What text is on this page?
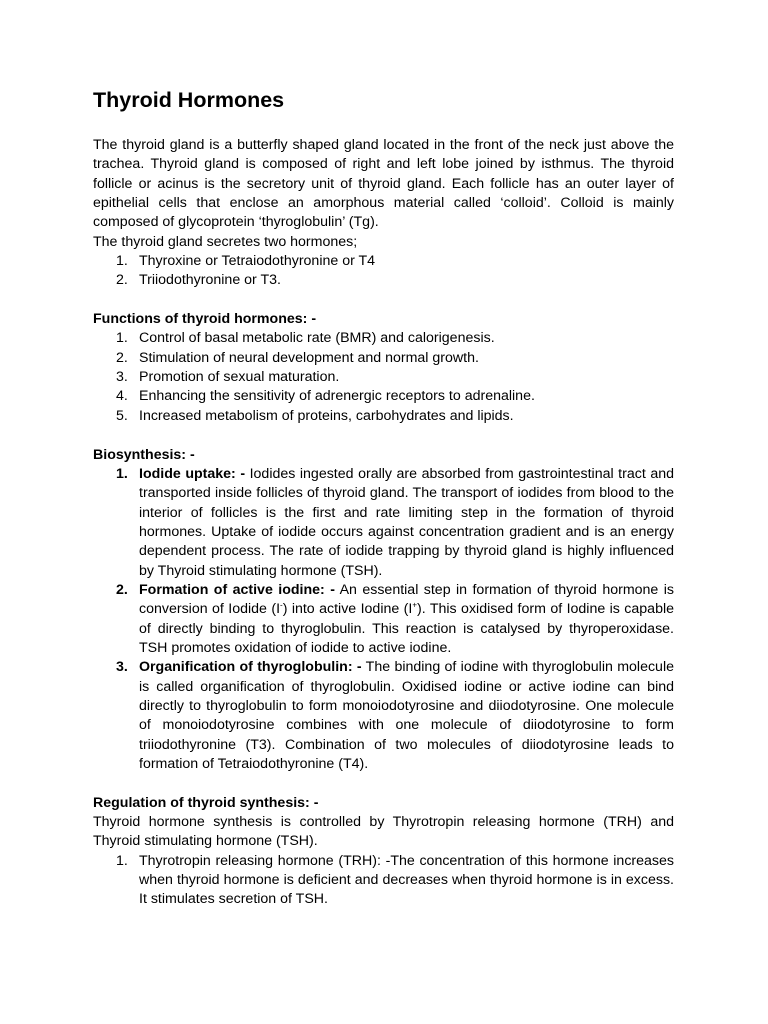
Thyroid Hormones

The thyroid gland is a butterfly shaped gland located in the front of the neck just above the trachea. Thyroid gland is composed of right and left lobe joined by isthmus. The thyroid follicle or acinus is the secretory unit of thyroid gland. Each follicle has an outer layer of epithelial cells that enclose an amorphous material called ‘colloid’. Colloid is mainly composed of glycoprotein ‘thyroglobulin’ (Tg).

The thyroid gland secretes two hormones;

1. Thyroxine or Tetraiodothyronine or T4
2. Triiodothyronine or T3.

Functions of thyroid hormones: -

1. Control of basal metabolic rate (BMR) and calorigenesis.
2. Stimulation of neural development and normal growth.
3. Promotion of sexual maturation.
4. Enhancing the sensitivity of adrenergic receptors to adrenaline.
5. Increased metabolism of proteins, carbohydrates and lipids.

Biosynthesis: -

1. Iodide uptake: - Iodides ingested orally are absorbed from gastrointestinal tract and transported inside follicles of thyroid gland. The transport of iodides from blood to the interior of follicles is the first and rate limiting step in the formation of thyroid hormones. Uptake of iodide occurs against concentration gradient and is an energy dependent process. The rate of iodide trapping by thyroid gland is highly influenced by Thyroid stimulating hormone (TSH).
2. Formation of active iodine: - An essential step in formation of thyroid hormone is conversion of Iodide (I-) into active Iodine (I+). This oxidised form of Iodine is capable of directly binding to thyroglobulin. This reaction is catalysed by thyroperoxidase. TSH promotes oxidation of iodide to active iodine.
3. Organification of thyroglobulin: - The binding of iodine with thyroglobulin molecule is called organification of thyroglobulin. Oxidised iodine or active iodine can bind directly to thyroglobulin to form monoiodotyrosine and diiodotyrosine. One molecule of monoiodotyrosine combines with one molecule of diiodotyrosine to form triiodothyronine (T3). Combination of two molecules of diiodotyrosine leads to formation of Tetraiodothyronine (T4).

Regulation of thyroid synthesis: -

Thyroid hormone synthesis is controlled by Thyrotropin releasing hormone (TRH) and Thyroid stimulating hormone (TSH).

1. Thyrotropin releasing hormone (TRH): -The concentration of this hormone increases when thyroid hormone is deficient and decreases when thyroid hormone is in excess. It stimulates secretion of TSH.
